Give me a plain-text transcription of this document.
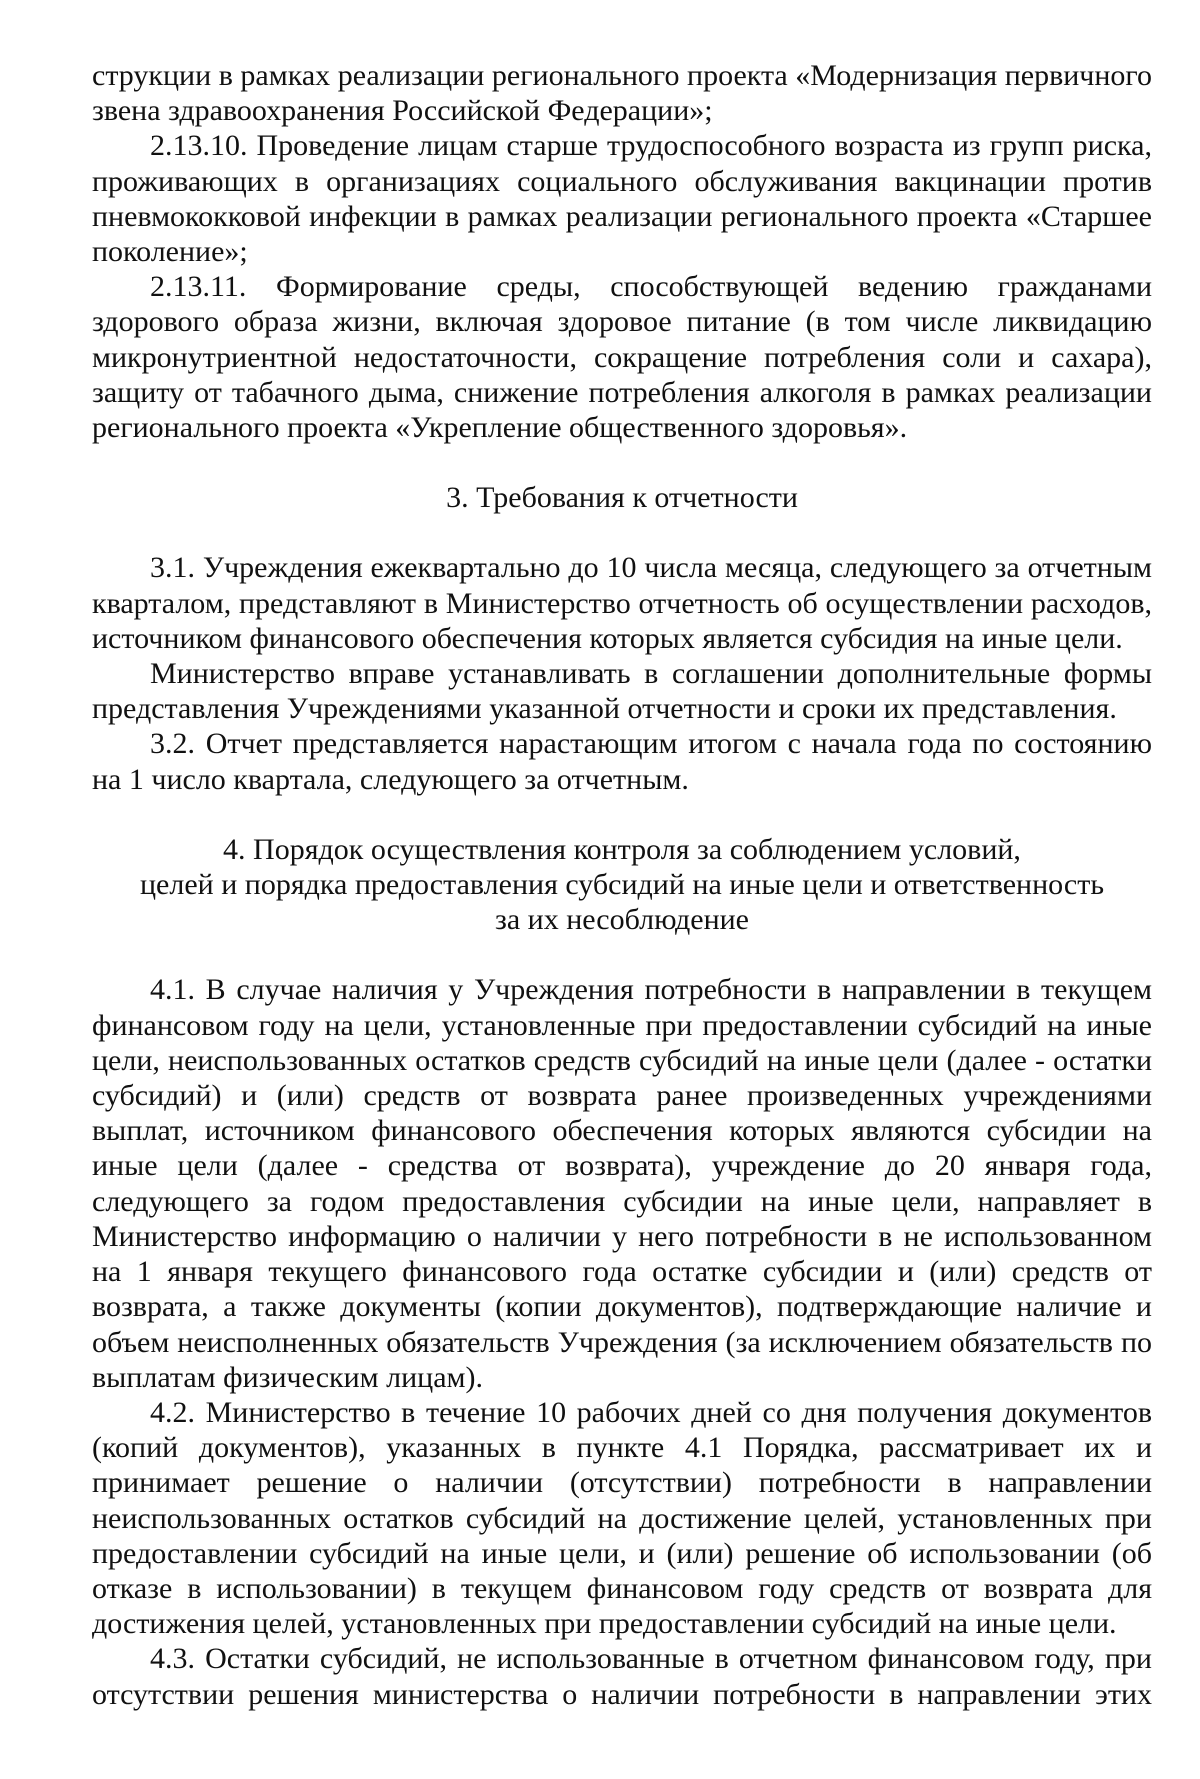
струкции в рамках реализации регионального проекта «Модернизация первичного звена здравоохранения Российской Федерации»;

2.13.10. Проведение лицам старше трудоспособного возраста из групп риска, проживающих в организациях социального обслуживания вакцинации против пневмококковой инфекции в рамках реализации регионального проекта «Старшее поколение»;

2.13.11. Формирование среды, способствующей ведению гражданами здорового образа жизни, включая здоровое питание (в том числе ликвидацию микронутриентной недостаточности, сокращение потребления соли и сахара), защиту от табачного дыма, снижение потребления алкоголя в рамках реализации регионального проекта «Укрепление общественного здоровья».

3. Требования к отчетности

3.1. Учреждения ежеквартально до 10 числа месяца, следующего за отчетным кварталом, представляют в Министерство отчетность об осуществлении расходов, источником финансового обеспечения которых является субсидия на иные цели.

Министерство вправе устанавливать в соглашении дополнительные формы представления Учреждениями указанной отчетности и сроки их представления.

3.2. Отчет представляется нарастающим итогом с начала года по состоянию на 1 число квартала, следующего за отчетным.

4. Порядок осуществления контроля за соблюдением условий,

целей и порядка предоставления субсидий на иные цели и ответственность

за их несоблюдение

4.1. В случае наличия у Учреждения потребности в направлении в текущем финансовом году на цели, установленные при предоставлении субсидий на иные цели, неиспользованных остатков средств субсидий на иные цели (далее - остатки субсидий) и (или) средств от возврата ранее произведенных учреждениями выплат, источником финансового обеспечения которых являются субсидии на иные цели (далее - средства от возврата), учреждение до 20 января года, следующего за годом предоставления субсидии на иные цели, направляет в Министерство информацию о наличии у него потребности в не использованном на 1 января текущего финансового года остатке субсидии и (или) средств от возврата, а также документы (копии документов), подтверждающие наличие и объем неисполненных обязательств Учреждения (за исключением обязательств по выплатам физическим лицам).

4.2. Министерство в течение 10 рабочих дней со дня получения документов (копий документов), указанных в пункте 4.1 Порядка, рассматривает их и принимает решение о наличии (отсутствии) потребности в направлении неиспользованных остатков субсидий на достижение целей, установленных при предоставлении субсидий на иные цели, и (или) решение об использовании (об отказе в использовании) в текущем финансовом году средств от возврата для достижения целей, установленных при предоставлении субсидий на иные цели.

4.3. Остатки субсидий, не использованные в отчетном финансовом году, при отсутствии решения министерства о наличии потребности в направлении этих
